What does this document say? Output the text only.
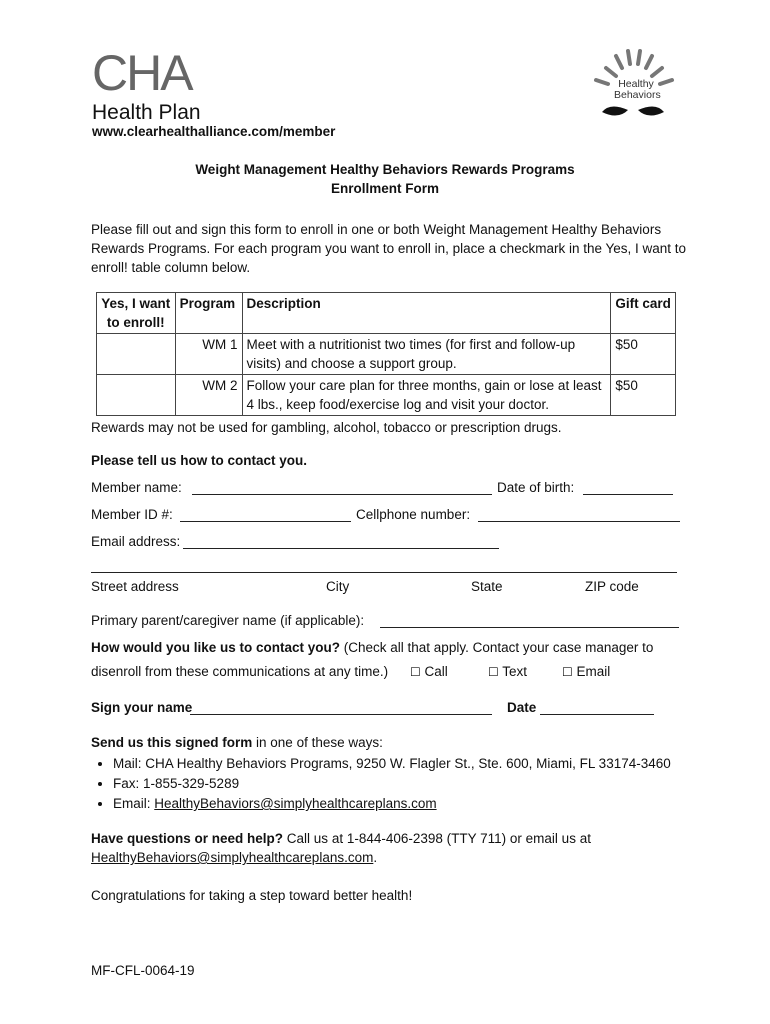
CHA
Health Plan
www.clearhealthalliance.com/member
Healthy
Behaviors
Weight Management Healthy Behaviors Rewards Programs
Enrollment Form
Please fill out and sign this form to enroll in one or both Weight Management Healthy Behaviors Rewards Programs. For each program you want to enroll in, place a checkmark in the Yes, I want to enroll! table column below.
Yes, I want to enroll!	Program	Description	Gift card
	WM 1	Meet with a nutritionist two times (for first and follow-up visits) and choose a support group.	$50
	WM 2	Follow your care plan for three months, gain or lose at least 4 lbs., keep food/exercise log and visit your doctor.	$50
Rewards may not be used for gambling, alcohol, tobacco or prescription drugs.
Please tell us how to contact you.
Member name:	Date of birth:
Member ID #:	Cellphone number:
Email address:
Street address	City	State	ZIP code
Primary parent/caregiver name (if applicable):
How would you like us to contact you? (Check all that apply. Contact your case manager to
disenroll from these communications at any time.) ☐ Call	☐ Text	☐ Email
Sign your name	Date
Send us this signed form in one of these ways:
• Mail: CHA Healthy Behaviors Programs, 9250 W. Flagler St., Ste. 600, Miami, FL 33174-3460
• Fax: 1-855-329-5289
• Email: HealthyBehaviors@simplyhealthcareplans.com
Have questions or need help? Call us at 1-844-406-2398 (TTY 711) or email us at
HealthyBehaviors@simplyhealthcareplans.com.
Congratulations for taking a step toward better health!
MF-CFL-0064-19
